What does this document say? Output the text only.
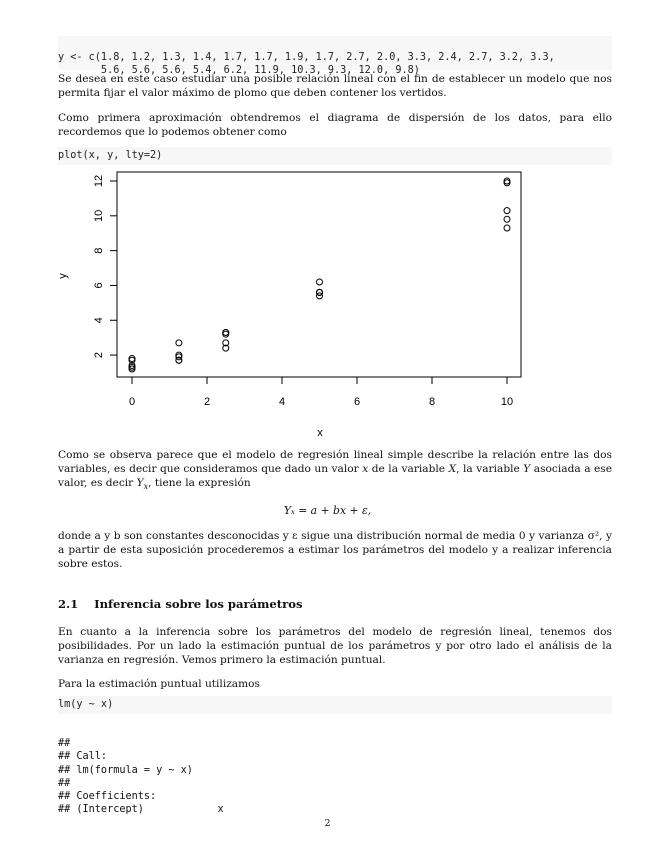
y <- c(1.8, 1.2, 1.3, 1.4, 1.7, 1.7, 1.9, 1.7, 2.7, 2.0, 3.3, 2.4, 2.7, 3.2, 3.3,
5.6, 5.6, 5.6, 5.4, 6.2, 11.9, 10.3, 9.3, 12.0, 9.8)

Se desea en este caso estudiar una posible relación lineal con el fin de establecer un modelo que nos permita fijar el valor máximo de plomo que deben contener los vertidos.

Como primera aproximación obtendremos el diagrama de dispersión de los datos, para ello recordemos que lo podemos obtener como

plot(x, y, lty=2)
0	2	4	6	8	10
2
4
6
8
10
12
x
y

Como se observa parece que el modelo de regresión lineal simple describe la relación entre las dos variables, es decir que consideramos que dado un valor x de la variable X, la variable Y asociada a ese valor, es decir $Y_x$, tiene la expresión

Yₓ = a + bx + ε,

donde a y b son constantes desconocidas y ε sigue una distribución normal de media 0 y varianza σ², y a partir de esta suposición procederemos a estimar los parámetros del modelo y a realizar inferencia sobre estos.

2.1 Inferencia sobre los parámetros

En cuanto a la inferencia sobre los parámetros del modelo de regresión lineal, tenemos dos posibilidades. Por un lado la estimación puntual de los parámetros y por otro lado el análisis de la varianza en regresión. Vemos primero la estimación puntual.

Para la estimación puntual utilizamos

lm(y ~ x)

##
## Call:
## lm(formula = y ~ x)
##
## Coefficients:
## (Intercept)            x

2
